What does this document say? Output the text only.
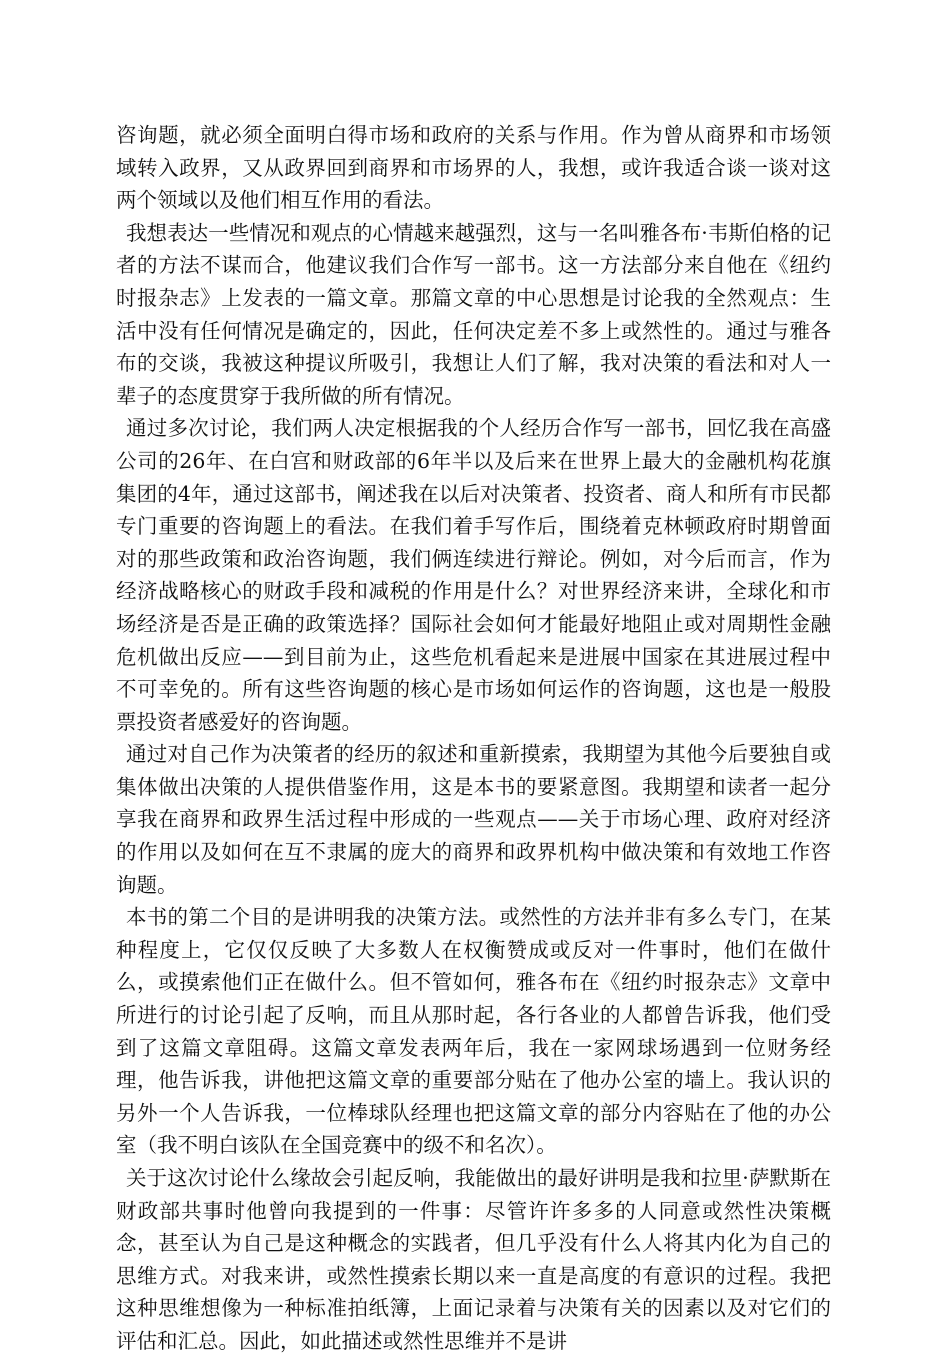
咨询题，就必须全面明白得市场和政府的关系与作用。作为曾从商界和市场领域转入政界，又从政界回到商界和市场界的人，我想，或许我适合谈一谈对这两个领域以及他们相互作用的看法。

我想表达一些情况和观点的心情越来越强烈，这与一名叫雅各布·韦斯伯格的记者的方法不谋而合，他建议我们合作写一部书。这一方法部分来自他在《纽约时报杂志》上发表的一篇文章。那篇文章的中心思想是讨论我的全然观点：生活中没有任何情况是确定的，因此，任何决定差不多上或然性的。通过与雅各布的交谈，我被这种提议所吸引，我想让人们了解，我对决策的看法和对人一辈子的态度贯穿于我所做的所有情况。

通过多次讨论，我们两人决定根据我的个人经历合作写一部书，回忆我在高盛公司的26年、在白宫和财政部的6年半以及后来在世界上最大的金融机构花旗集团的4年，通过这部书，阐述我在以后对决策者、投资者、商人和所有市民都专门重要的咨询题上的看法。在我们着手写作后，围绕着克林顿政府时期曾面对的那些政策和政治咨询题，我们俩连续进行辩论。例如，对今后而言，作为经济战略核心的财政手段和减税的作用是什么？对世界经济来讲，全球化和市场经济是否是正确的政策选择？国际社会如何才能最好地阻止或对周期性金融危机做出反应——到目前为止，这些危机看起来是进展中国家在其进展过程中不可幸免的。所有这些咨询题的核心是市场如何运作的咨询题，这也是一般股票投资者感爱好的咨询题。

通过对自己作为决策者的经历的叙述和重新摸索，我期望为其他今后要独自或集体做出决策的人提供借鉴作用，这是本书的要紧意图。我期望和读者一起分享我在商界和政界生活过程中形成的一些观点——关于市场心理、政府对经济的作用以及如何在互不隶属的庞大的商界和政界机构中做决策和有效地工作咨询题。

本书的第二个目的是讲明我的决策方法。或然性的方法并非有多么专门，在某种程度上，它仅仅反映了大多数人在权衡赞成或反对一件事时，他们在做什么，或摸索他们正在做什么。但不管如何，雅各布在《纽约时报杂志》文章中所进行的讨论引起了反响，而且从那时起，各行各业的人都曾告诉我，他们受到了这篇文章阻碍。这篇文章发表两年后，我在一家网球场遇到一位财务经理，他告诉我，讲他把这篇文章的重要部分贴在了他办公室的墙上。我认识的另外一个人告诉我，一位棒球队经理也把这篇文章的部分内容贴在了他的办公室（我不明白该队在全国竞赛中的级不和名次）。

关于这次讨论什么缘故会引起反响，我能做出的最好讲明是我和拉里·萨默斯在财政部共事时他曾向我提到的一件事：尽管许许多多的人同意或然性决策概念，甚至认为自己是这种概念的实践者，但几乎没有什么人将其内化为自己的思维方式。对我来讲，或然性摸索长期以来一直是高度的有意识的过程。我把这种思维想像为一种标准拍纸簿，上面记录着与决策有关的因素以及对它们的评估和汇总。因此，如此描述或然性思维并不是讲
